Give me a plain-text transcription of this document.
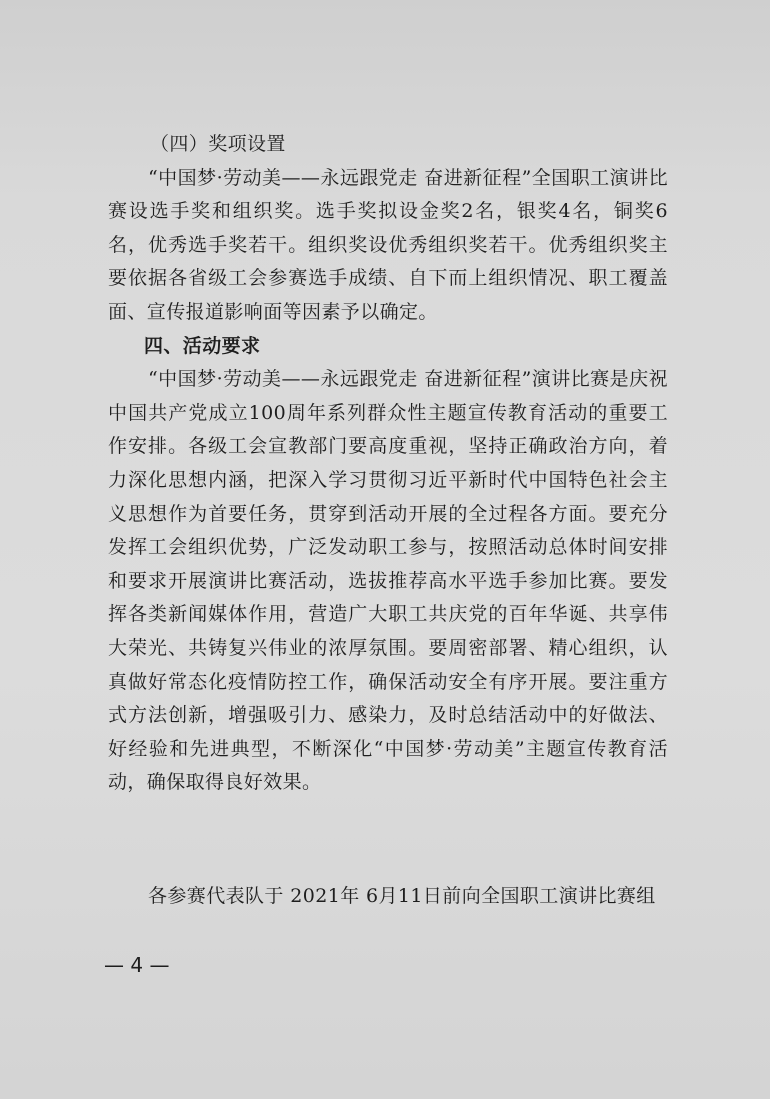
（四）奖项设置

“中国梦·劳动美——永远跟党走 奋进新征程”全国职工演讲比赛设选手奖和组织奖。选手奖拟设金奖2名，银奖4名，铜奖6名，优秀选手奖若干。组织奖设优秀组织奖若干。优秀组织奖主要依据各省级工会参赛选手成绩、自下而上组织情况、职工覆盖面、宣传报道影响面等因素予以确定。

四、活动要求

“中国梦·劳动美——永远跟党走 奋进新征程”演讲比赛是庆祝中国共产党成立100周年系列群众性主题宣传教育活动的重要工作安排。各级工会宣教部门要高度重视，坚持正确政治方向，着力深化思想内涵，把深入学习贯彻习近平新时代中国特色社会主义思想作为首要任务，贯穿到活动开展的全过程各方面。要充分发挥工会组织优势，广泛发动职工参与，按照活动总体时间安排和要求开展演讲比赛活动，选拔推荐高水平选手参加比赛。要发挥各类新闻媒体作用，营造广大职工共庆党的百年华诞、共享伟大荣光、共铸复兴伟业的浓厚氛围。要周密部署、精心组织，认真做好常态化疫情防控工作，确保活动安全有序开展。要注重方式方法创新，增强吸引力、感染力，及时总结活动中的好做法、好经验和先进典型，不断深化“中国梦·劳动美”主题宣传教育活动，确保取得良好效果。

各参赛代表队于 2021年 6月11日前向全国职工演讲比赛组
— 4 —
